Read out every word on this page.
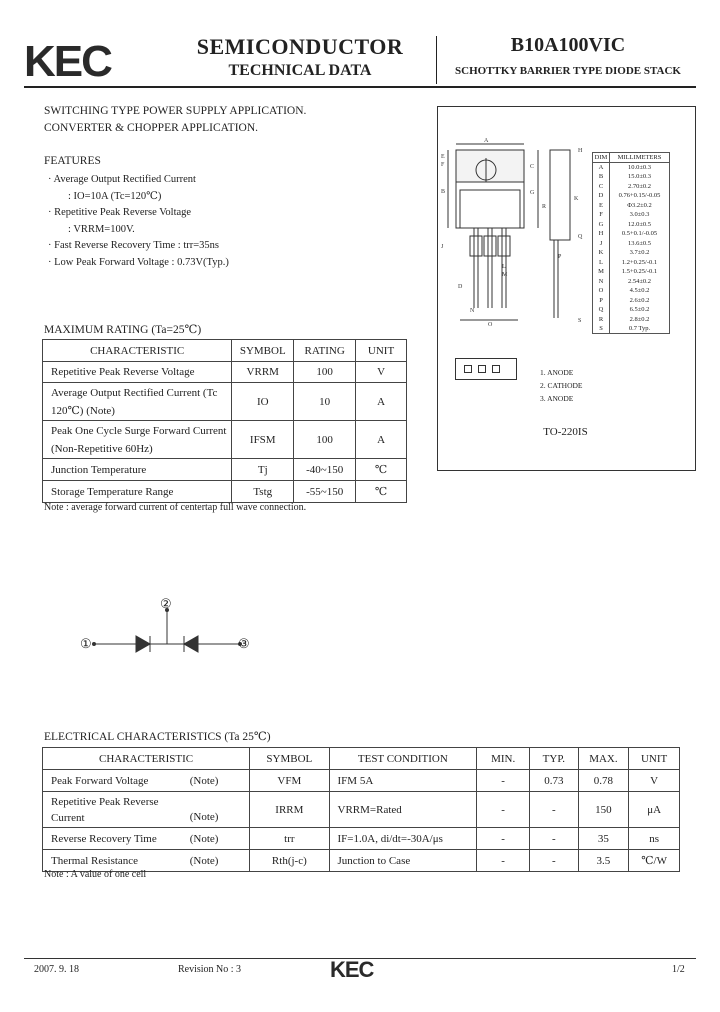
KEC	SEMICONDUCTOR
TECHNICAL DATA
B10A100VIC
SCHOTTKY BARRIER TYPE DIODE STACK
SWITCHING TYPE POWER SUPPLY APPLICATION.
CONVERTER & CHOPPER APPLICATION.
FEATURES
· Average Output Rectified Current
: IO=10A (Tc=120℃)
· Repetitive Peak Reverse Voltage
: VRRM=100V.
· Fast Reverse Recovery Time : trr=35ns
· Low Peak Forward Voltage : 0.73V(Typ.)
A
B
C
E
F
G
H
J
K
L
M
N
O
P
Q
R
S
D
DIM	MILLIMETERS
A	10.0±0.3
B	15.0±0.3
C	2.70±0.2
D	0.76+0.15/-0.05
E	Φ3.2±0.2
F	3.0±0.3
G	12.0±0.5
H	0.5+0.1/-0.05
J	13.6±0.5
K	3.7±0.2
L	1.2+0.25/-0.1
M	1.5+0.25/-0.1
N	2.54±0.2
O	4.5±0.2
P	2.6±0.2
Q	6.5±0.2
R	2.8±0.2
S	0.7 Typ.
1. ANODE
2. CATHODE
3. ANODE
TO-220IS
MAXIMUM RATING (Ta=25℃)
CHARACTERISTIC	SYMBOL	RATING	UNIT
Repetitive Peak Reverse Voltage	VRRM	100	V
Average Output Rectified Current (Tc 120℃) (Note)	IO	10	A
Peak One Cycle Surge Forward Current (Non-Repetitive 60Hz)	IFSM	100	A
Junction Temperature	Tj	-40~150	℃
Storage Temperature Range	Tstg	-55~150	℃
Note : average forward current of centertap full wave connection.
②
①	③
ELECTRICAL CHARACTERISTICS (Ta 25℃)
CHARACTERISTIC		SYMBOL	TEST CONDITION	MIN.	TYP.	MAX.	UNIT
Peak Forward Voltage	(Note)	VFM	IFM 5A	-	0.73	0.78	V
Repetitive Peak Reverse Current	(Note)	IRRM	VRRM=Rated	-	-	150	μA
Reverse Recovery Time	(Note)	trr	IF=1.0A, di/dt=-30A/μs	-	-	35	ns
Thermal Resistance	(Note)	Rth(j-c)	Junction to Case	-	-	3.5	℃/W
Note : A value of one cell
2007. 9. 18	Revision No : 3	KEC	1/2
